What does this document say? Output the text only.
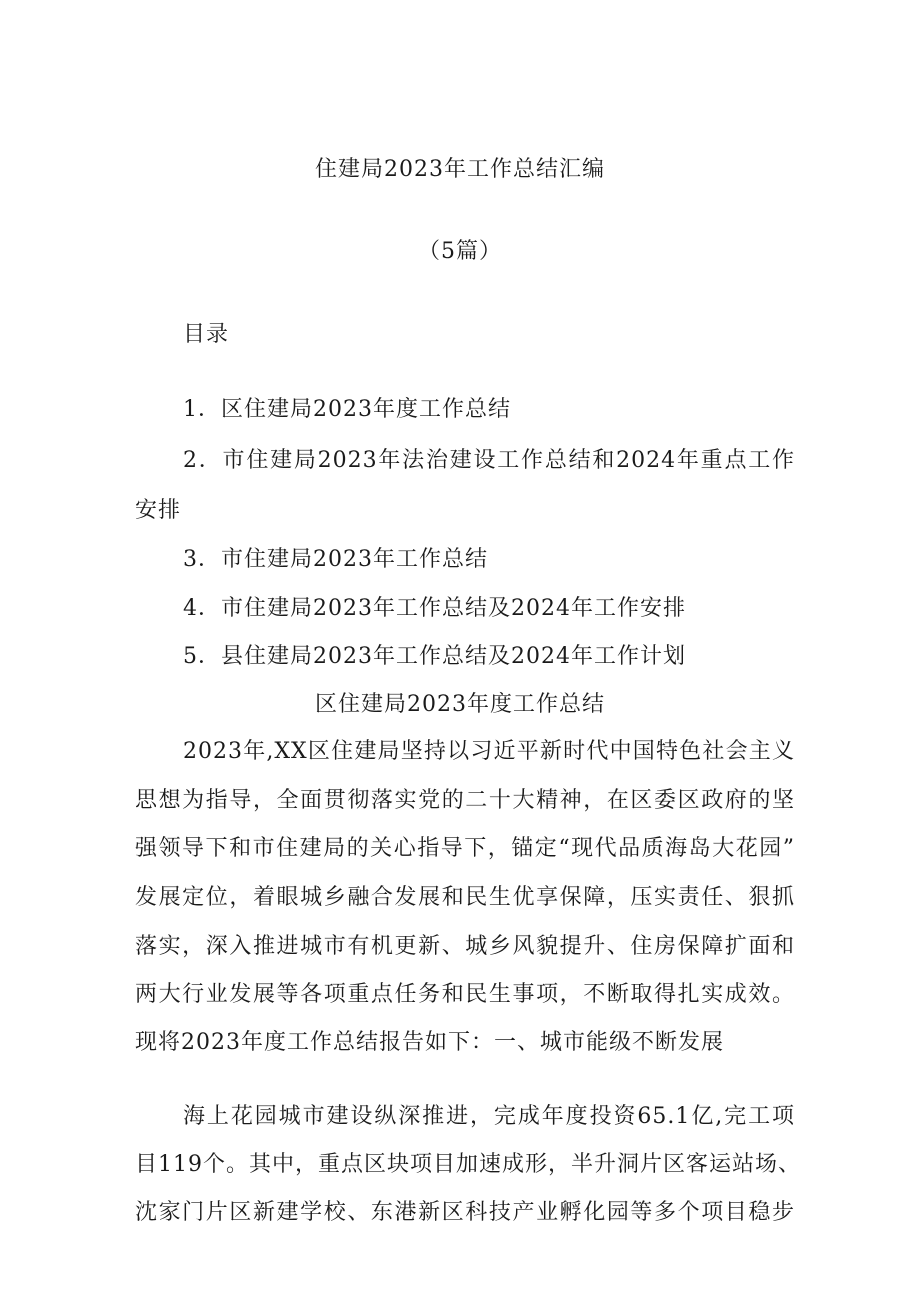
住建局2023年工作总结汇编
（5篇）
目录
1．区住建局2023年度工作总结
2．市住建局2023年法治建设工作总结和2024年重点工作
安排
3．市住建局2023年工作总结
4．市住建局2023年工作总结及2024年工作安排
5．县住建局2023年工作总结及2024年工作计划
区住建局2023年度工作总结
2023年,XX区住建局坚持以习近平新时代中国特色社会主义
思想为指导，全面贯彻落实党的二十大精神，在区委区政府的坚
强领导下和市住建局的关心指导下，锚定“现代品质海岛大花园”
发展定位，着眼城乡融合发展和民生优享保障，压实责任、狠抓
落实，深入推进城市有机更新、城乡风貌提升、住房保障扩面和
两大行业发展等各项重点任务和民生事项，不断取得扎实成效。
现将2023年度工作总结报告如下：一、城市能级不断发展
海上花园城市建设纵深推进，完成年度投资65.1亿,完工项
目119个。其中，重点区块项目加速成形，半升洞片区客运站场、
沈家门片区新建学校、东港新区科技产业孵化园等多个项目稳步
